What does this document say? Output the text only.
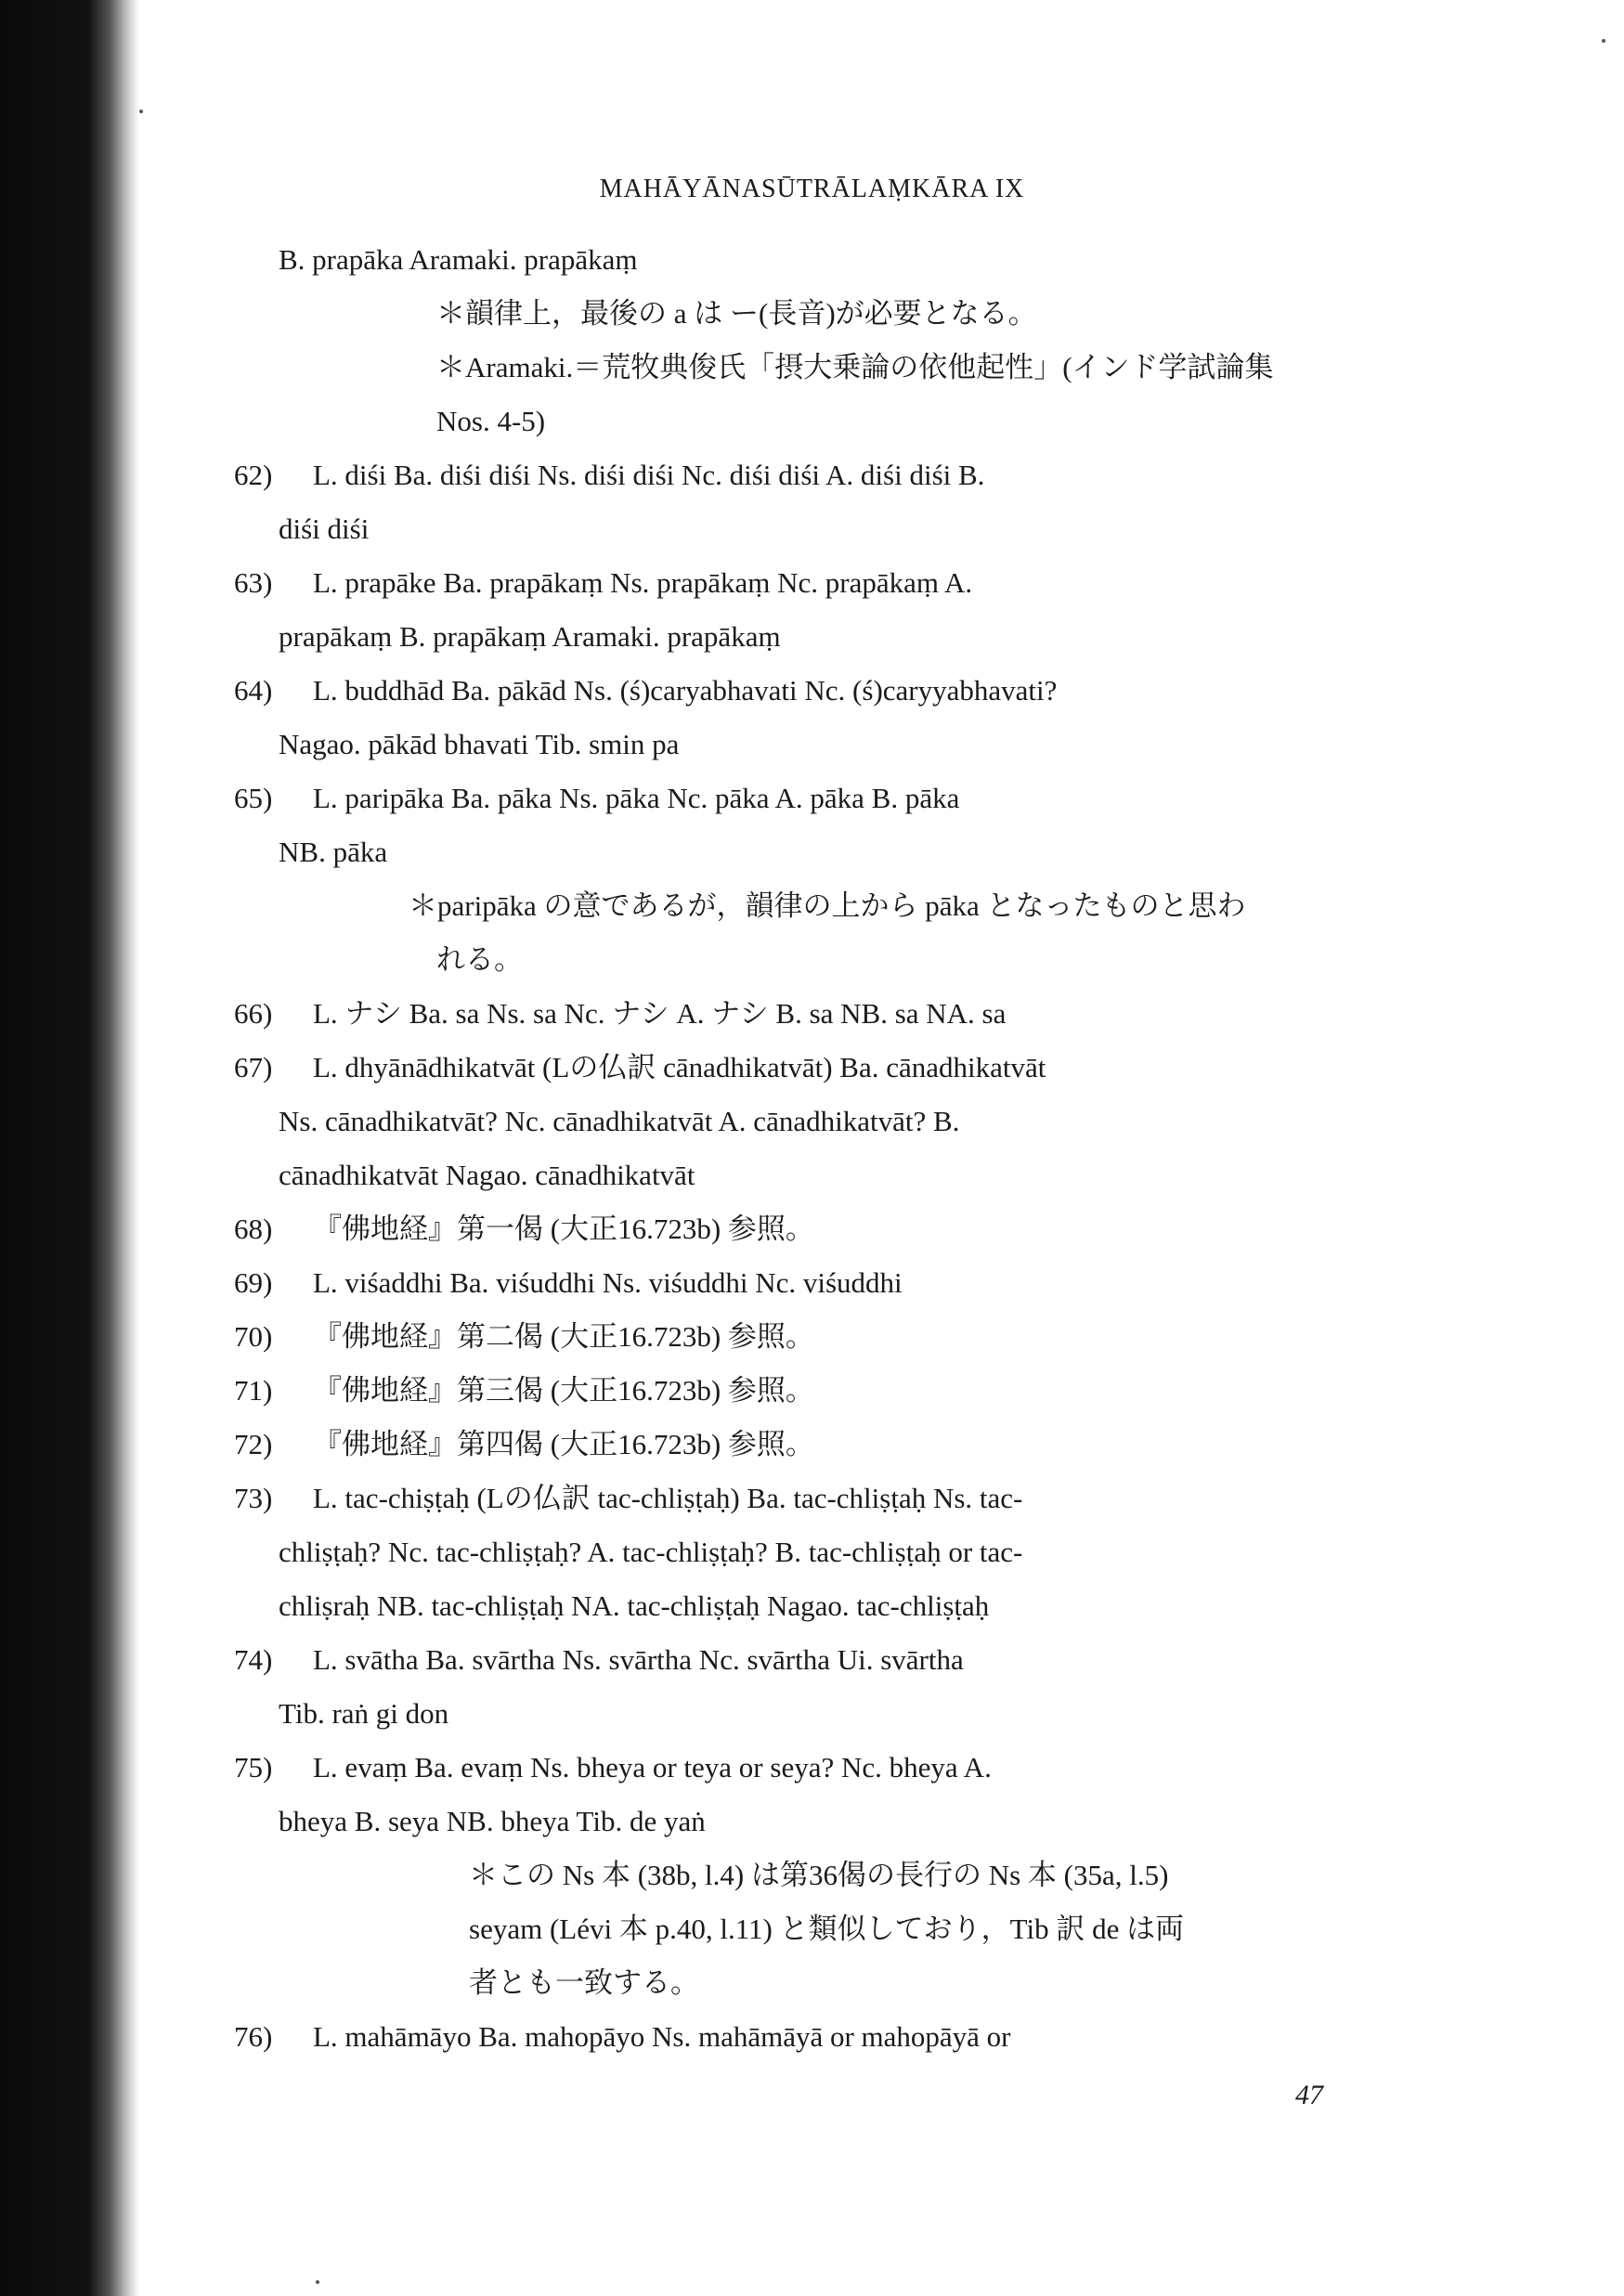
MAHĀYĀNASŪTRĀLAṂKĀRA IX
B. prapāka Aramaki. prapākaṃ
＊韻律上，最後の a は ー(長音)が必要となる。
＊Aramaki.＝荒牧典俊氏「摂大乗論の依他起性」(インド学試論集
Nos. 4-5)
62) L. diśi Ba. diśi diśi Ns. diśi diśi Nc. diśi diśi A. diśi diśi B.
diśi diśi
63) L. prapāke Ba. prapākaṃ Ns. prapākaṃ Nc. prapākaṃ A.
prapākaṃ B. prapākaṃ Aramaki. prapākaṃ
64) L. buddhād Ba. pākād Ns. (ś)caryabhavati Nc. (ś)caryyabhavati?
Nagao. pākād bhavati Tib. smin pa
65) L. paripāka Ba. pāka Ns. pāka Nc. pāka A. pāka B. pāka
NB. pāka
＊paripāka の意であるが，韻律の上から pāka となったものと思わ
れる。
66) L. ナシ Ba. sa Ns. sa Nc. ナシ A. ナシ B. sa NB. sa NA. sa
67) L. dhyānādhikatvāt (Lの仏訳 cānadhikatvāt) Ba. cānadhikatvāt
Ns. cānadhikatvāt? Nc. cānadhikatvāt A. cānadhikatvāt? B.
cānadhikatvāt Nagao. cānadhikatvāt
68) 『佛地経』第一偈 (大正16.723b) 参照。
69) L. viśaddhi Ba. viśuddhi Ns. viśuddhi Nc. viśuddhi
70) 『佛地経』第二偈 (大正16.723b) 参照。
71) 『佛地経』第三偈 (大正16.723b) 参照。
72) 『佛地経』第四偈 (大正16.723b) 参照。
73) L. tac-chiṣṭaḥ (Lの仏訳 tac-chliṣṭaḥ) Ba. tac-chliṣṭaḥ Ns. tac-
chliṣṭaḥ? Nc. tac-chliṣṭaḥ? A. tac-chliṣṭaḥ? B. tac-chliṣṭaḥ or tac-
chliṣraḥ NB. tac-chliṣṭaḥ NA. tac-chliṣṭaḥ Nagao. tac-chliṣṭaḥ
74) L. svātha Ba. svārtha Ns. svārtha Nc. svārtha Ui. svārtha
Tib. raṅ gi don
75) L. evaṃ Ba. evaṃ Ns. bheya or teya or seya? Nc. bheya A.
bheya B. seya NB. bheya Tib. de yaṅ
＊この Ns 本 (38b, l.4) は第36偈の長行の Ns 本 (35a, l.5)
seyam (Lévi 本 p.40, l.11) と類似しており，Tib 訳 de は両
者とも一致する。
76) L. mahāmāyo Ba. mahopāyo Ns. mahāmāyā or mahopāyā or
47
